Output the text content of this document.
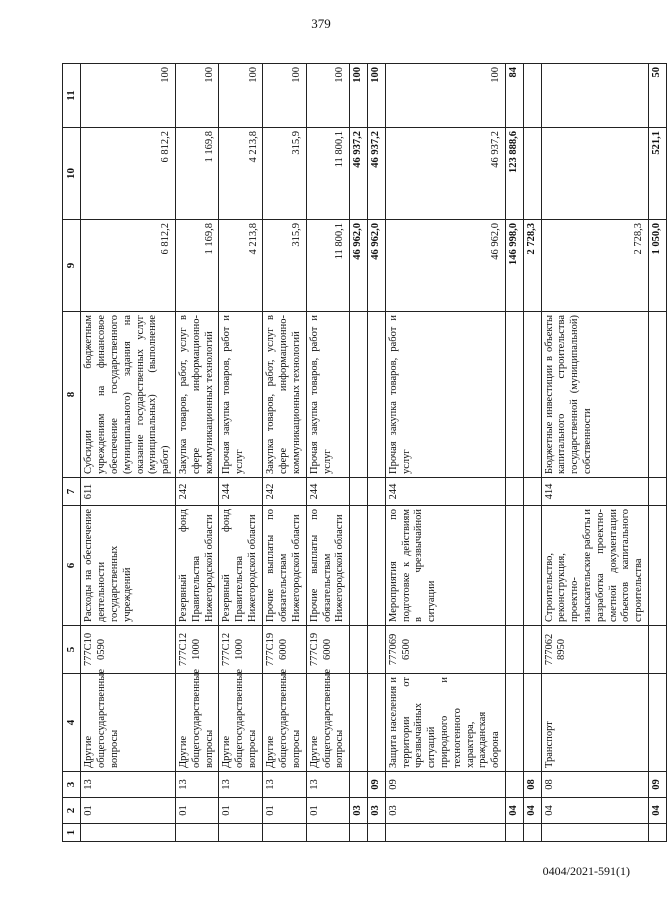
379
1	2	3	4	5	6	7	8	9	10	11
	01	13	Другие общегосударственные вопросы	777С10 0590	Расходы на обеспечение деятельности государственных учреждений	611	Субсидии бюджетным учреждениям на финансовое обеспечение государственного (муниципального) задания на оказание государственных услуг (муниципальных) (выполнение работ)	6 812,2	6 812,2	100
	01	13	Другие общегосударственные вопросы	777С12 1000	Резервный фонд Правительства Нижегородской области	242	Закупка товаров, работ, услуг в сфере информационно-коммуникационных технологий	1 169,8	1 169,8	100
	01	13	Другие общегосударственные вопросы	777С12 1000	Резервный фонд Правительства Нижегородской области	244	Прочая закупка товаров, работ и услуг	4 213,8	4 213,8	100
	01	13	Другие общегосударственные вопросы	777С19 6000	Прочие выплаты по обязательствам Нижегородской области	242	Закупка товаров, работ, услуг в сфере информационно-коммуникационных технологий	315,9	315,9	100
	01	13	Другие общегосударственные вопросы	777С19 6000	Прочие выплаты по обязательствам Нижегородской области	244	Прочая закупка товаров, работ и услуг	11 800,1	11 800,1	100
	03							46 962,0	46 937,2	100
	03	09						46 962,0	46 937,2	100
	03	09	Защита населения и территории от чрезвычайных ситуаций природного и техногенного характера, гражданская оборона	777069 6500	Мероприятия по подготовке к действиям в чрезвычайной ситуации	244	Прочая закупка товаров, работ и услуг	46 962,0	46 937,2	100
	04							146 998,0	123 888,6	84
	04	08						2 728,3		
	04	08	Транспорт	777062 8950	Строительство, реконструкция, проектно-изыскательские работы и разработка проектно-сметной документации объектов капитального строительства	414	Бюджетные инвестиции в объекты капитального строительства государственной (муниципальной) собственности	2 728,3		
	04	09						1 050,0	521,1	50
0404/2021-591(1)
